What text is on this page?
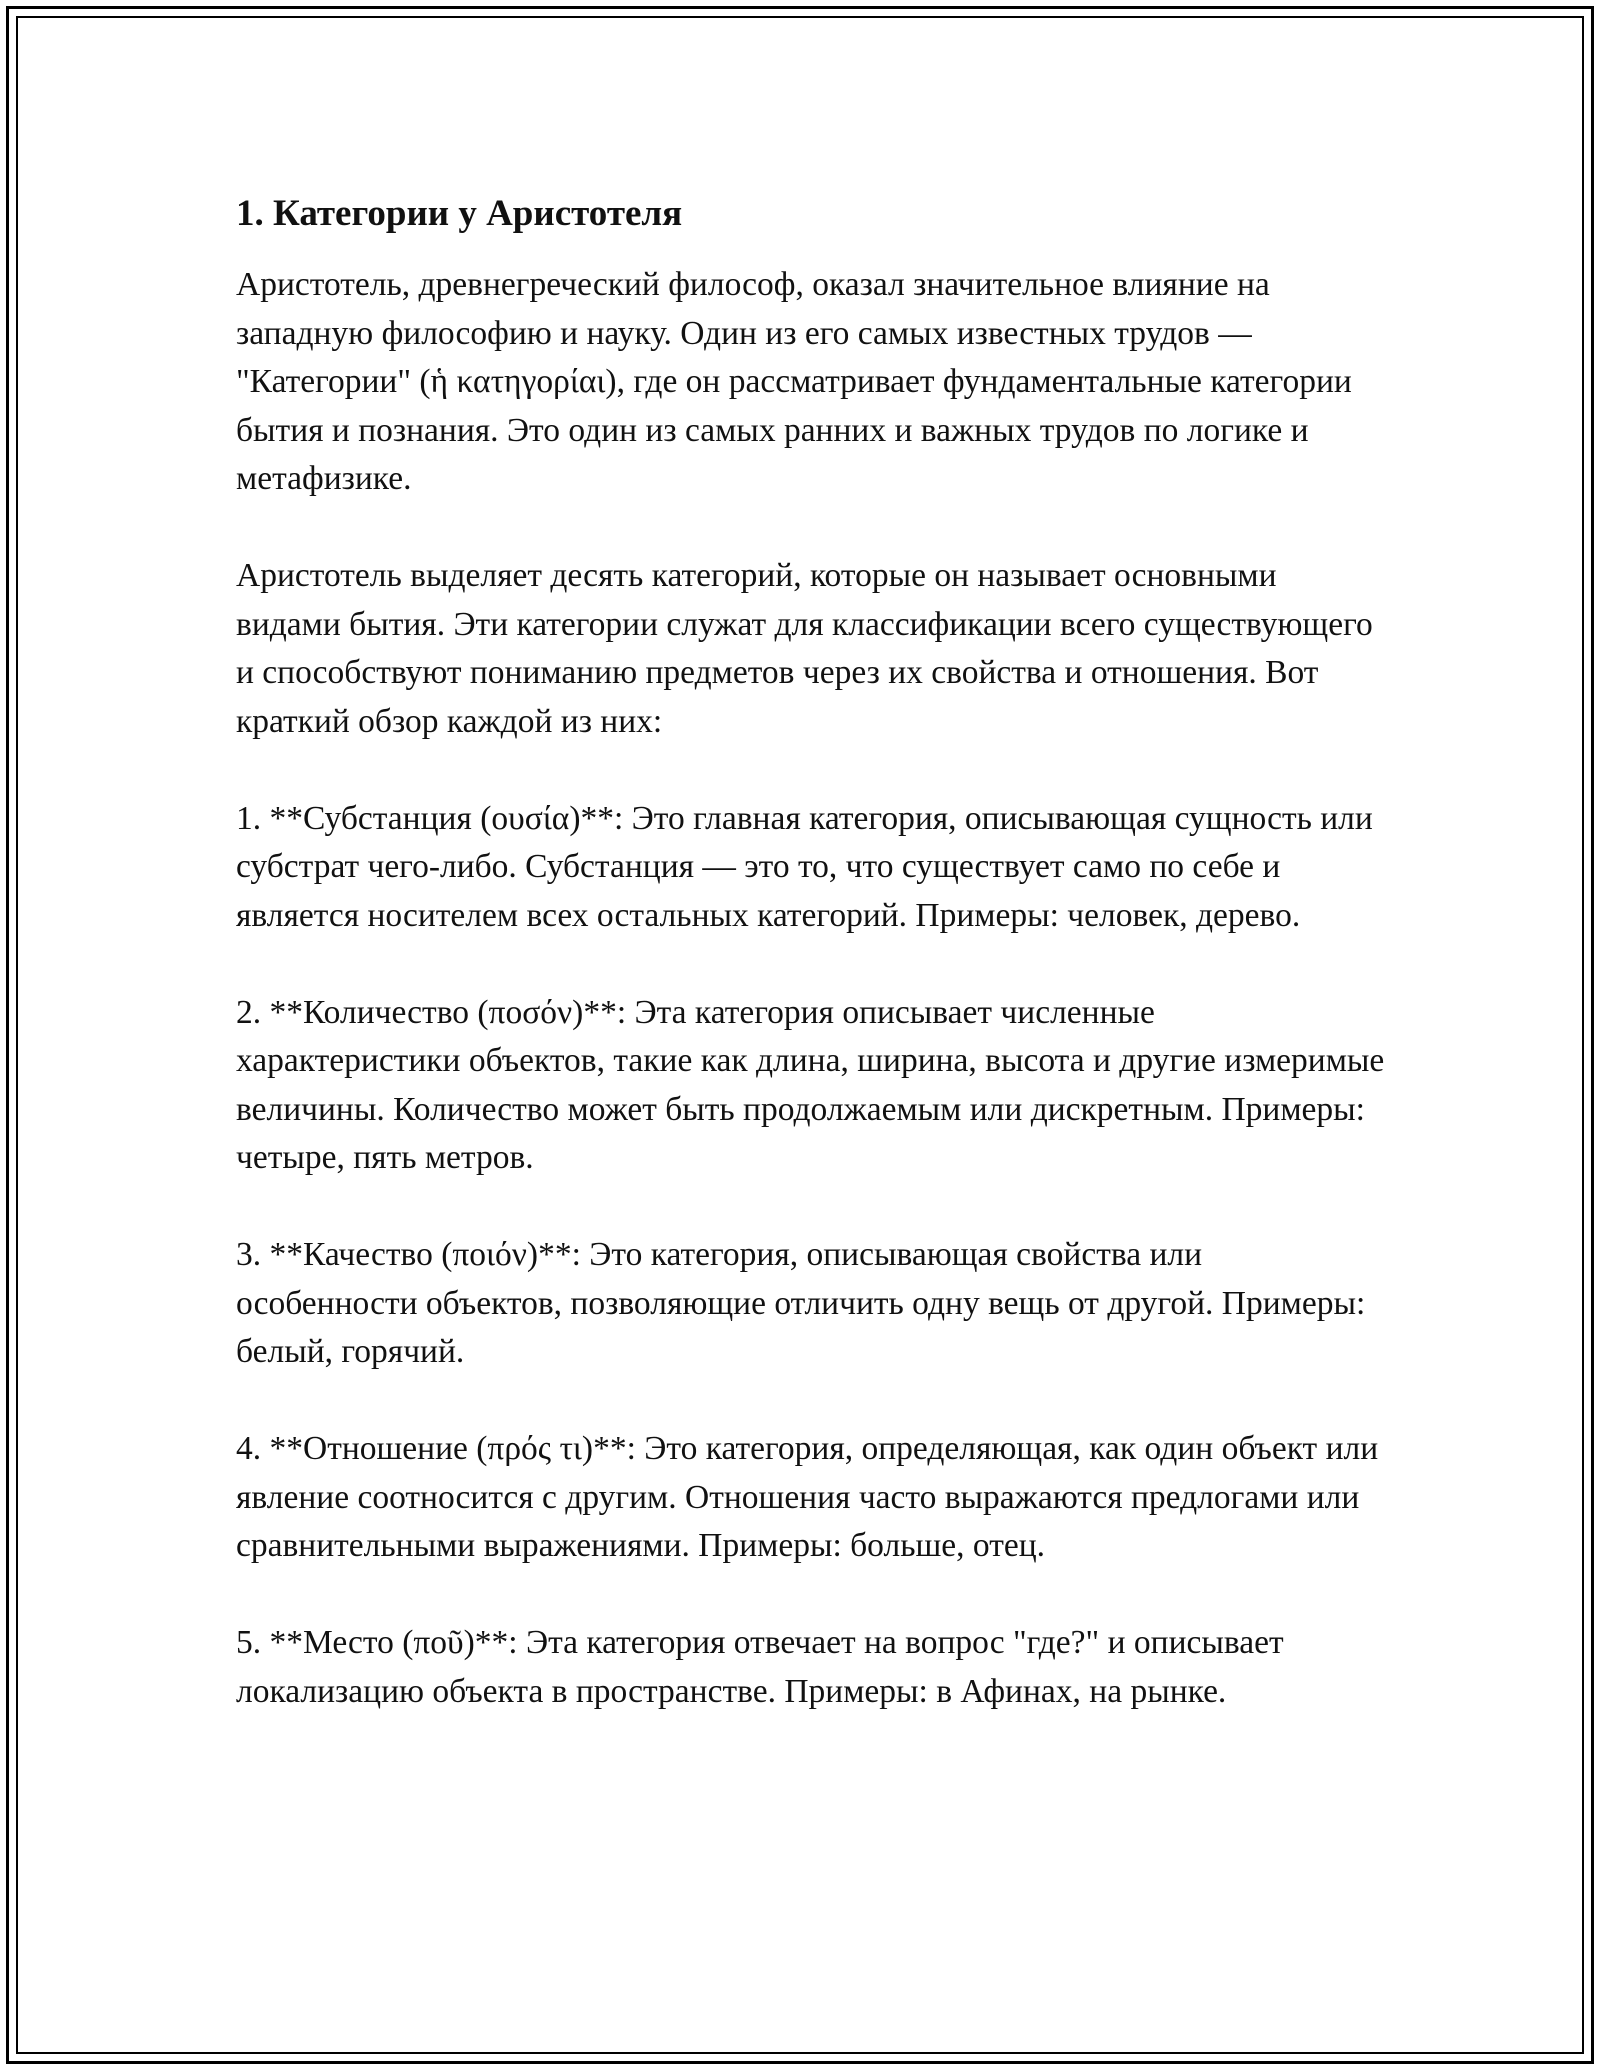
1. Категории у Аристотеля

Аристотель, древнегреческий философ, оказал значительное влияние на западную философию и науку. Один из его самых известных трудов — "Категории" (ἡ κατηγορίαι), где он рассматривает фундаментальные категории бытия и познания. Это один из самых ранних и важных трудов по логике и метафизике.

Аристотель выделяет десять категорий, которые он называет основными видами бытия. Эти категории служат для классификации всего существующего и способствуют пониманию предметов через их свойства и отношения. Вот краткий обзор каждой из них:

1. **Субстанция (ουσία)**: Это главная категория, описывающая сущность или субстрат чего-либо. Субстанция — это то, что существует само по себе и является носителем всех остальных категорий. Примеры: человек, дерево.

2. **Количество (ποσόν)**: Эта категория описывает численные характеристики объектов, такие как длина, ширина, высота и другие измеримые величины. Количество может быть продолжаемым или дискретным. Примеры: четыре, пять метров.

3. **Качество (ποιόν)**: Это категория, описывающая свойства или особенности объектов, позволяющие отличить одну вещь от другой. Примеры: белый, горячий.

4. **Отношение (πρός τι)**: Это категория, определяющая, как один объект или явление соотносится с другим. Отношения часто выражаются предлогами или сравнительными выражениями. Примеры: больше, отец.

5. **Место (ποῦ)**: Эта категория отвечает на вопрос "где?" и описывает локализацию объекта в пространстве. Примеры: в Афинах, на рынке.
